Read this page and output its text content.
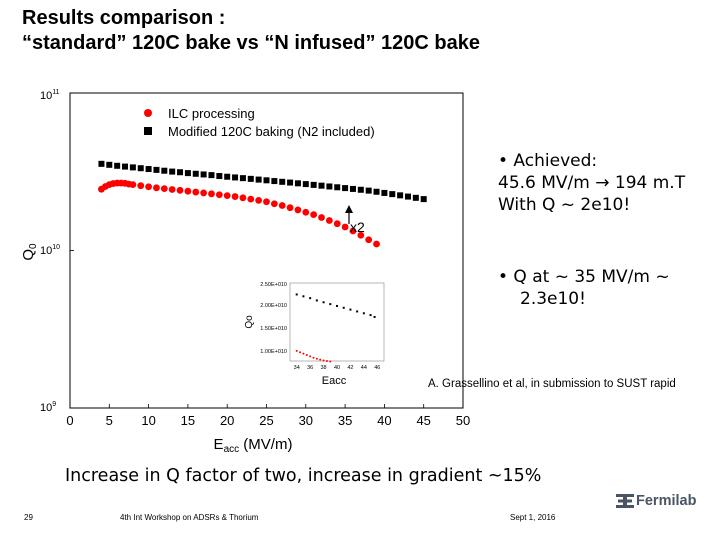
Results comparison :
“standard” 120C bake vs “N infused” 120C bake
$Q_0$
$E_{acc}$ (MV/m)
$10^{11}$
$10^{10}$
$10^9$
0 5 10 15 20 25 30 35 40 45 50
ILC processing
Modified 120C baking (N2 included)
x2
2.50E+010
2.00E+010
1.50E+010
1.00E+010
34 36 38 40 42 44 46
Qo
Eacc
• Achieved:
45.6 MV/m → 194 m.T
With Q ~ 2e10!
• Q at ~ 35 MV/m ~
2.3e10!
A. Grassellino et al, in submission to SUST rapid
Increase in Q factor of two, increase in gradient ~15%
29	4th Int Workshop on ADSRs & Thorium	Sept 1, 2016
Fermilab
